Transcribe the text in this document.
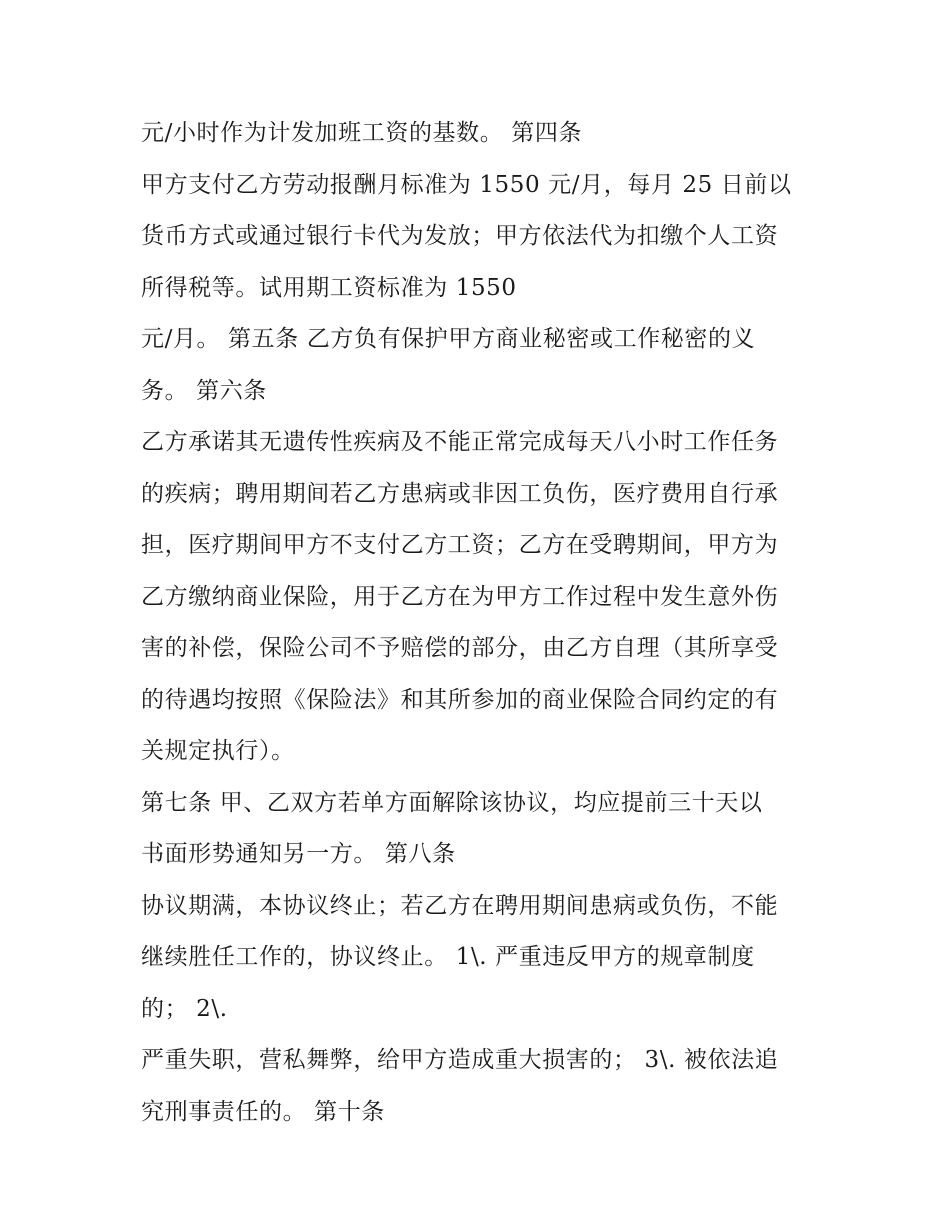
元/小时作为计发加班工资的基数。 第四条
甲方支付乙方劳动报酬月标准为 1550 元/月，每月 25 日前以
货币方式或通过银行卡代为发放；甲方依法代为扣缴个人工资
所得税等。试用期工资标准为 1550
元/月。 第五条 乙方负有保护甲方商业秘密或工作秘密的义
务。 第六条
乙方承诺其无遗传性疾病及不能正常完成每天八小时工作任务
的疾病；聘用期间若乙方患病或非因工负伤，医疗费用自行承
担，医疗期间甲方不支付乙方工资；乙方在受聘期间，甲方为
乙方缴纳商业保险，用于乙方在为甲方工作过程中发生意外伤
害的补偿，保险公司不予赔偿的部分，由乙方自理（其所享受
的待遇均按照《保险法》和其所参加的商业保险合同约定的有
关规定执行）。
第七条 甲、乙双方若单方面解除该协议，均应提前三十天以
书面形势通知另一方。 第八条
协议期满，本协议终止；若乙方在聘用期间患病或负伤，不能
继续胜任工作的，协议终止。 1\. 严重违反甲方的规章制度
的； 2\.
严重失职，营私舞弊，给甲方造成重大损害的； 3\. 被依法追
究刑事责任的。 第十条
